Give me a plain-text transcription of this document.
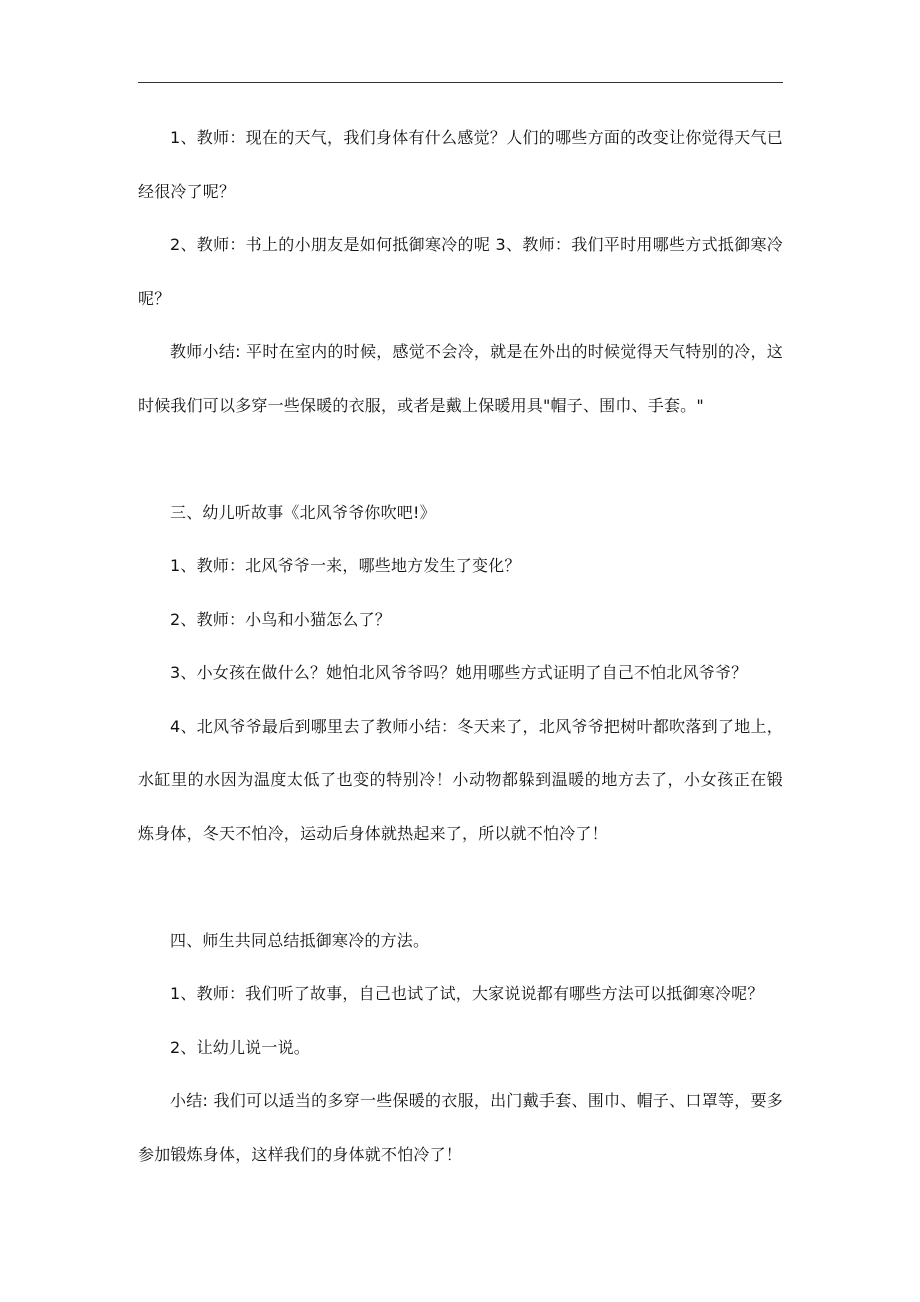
1、教师：现在的天气，我们身体有什么感觉？人们的哪些方面的改变让你觉得天气已经很冷了呢？

2、教师：书上的小朋友是如何抵御寒冷的呢 3、教师：我们平时用哪些方式抵御寒冷呢？

教师小结: 平时在室内的时候，感觉不会冷，就是在外出的时候觉得天气特别的冷，这时候我们可以多穿一些保暖的衣服，或者是戴上保暖用具"帽子、围巾、手套。"

三、幼儿听故事《北风爷爷你吹吧!》

1、教师：北风爷爷一来，哪些地方发生了变化？

2、教师：小鸟和小猫怎么了？

3、小女孩在做什么？她怕北风爷爷吗？她用哪些方式证明了自己不怕北风爷爷？

4、北风爷爷最后到哪里去了教师小结：冬天来了，北风爷爷把树叶都吹落到了地上，水缸里的水因为温度太低了也变的特别冷！小动物都躲到温暖的地方去了，小女孩正在锻炼身体，冬天不怕冷，运动后身体就热起来了，所以就不怕冷了！

四、师生共同总结抵御寒冷的方法。

1、教师：我们听了故事，自己也试了试，大家说说都有哪些方法可以抵御寒冷呢？

2、让幼儿说一说。

小结: 我们可以适当的多穿一些保暖的衣服，出门戴手套、围巾、帽子、口罩等，要多参加锻炼身体，这样我们的身体就不怕冷了！
